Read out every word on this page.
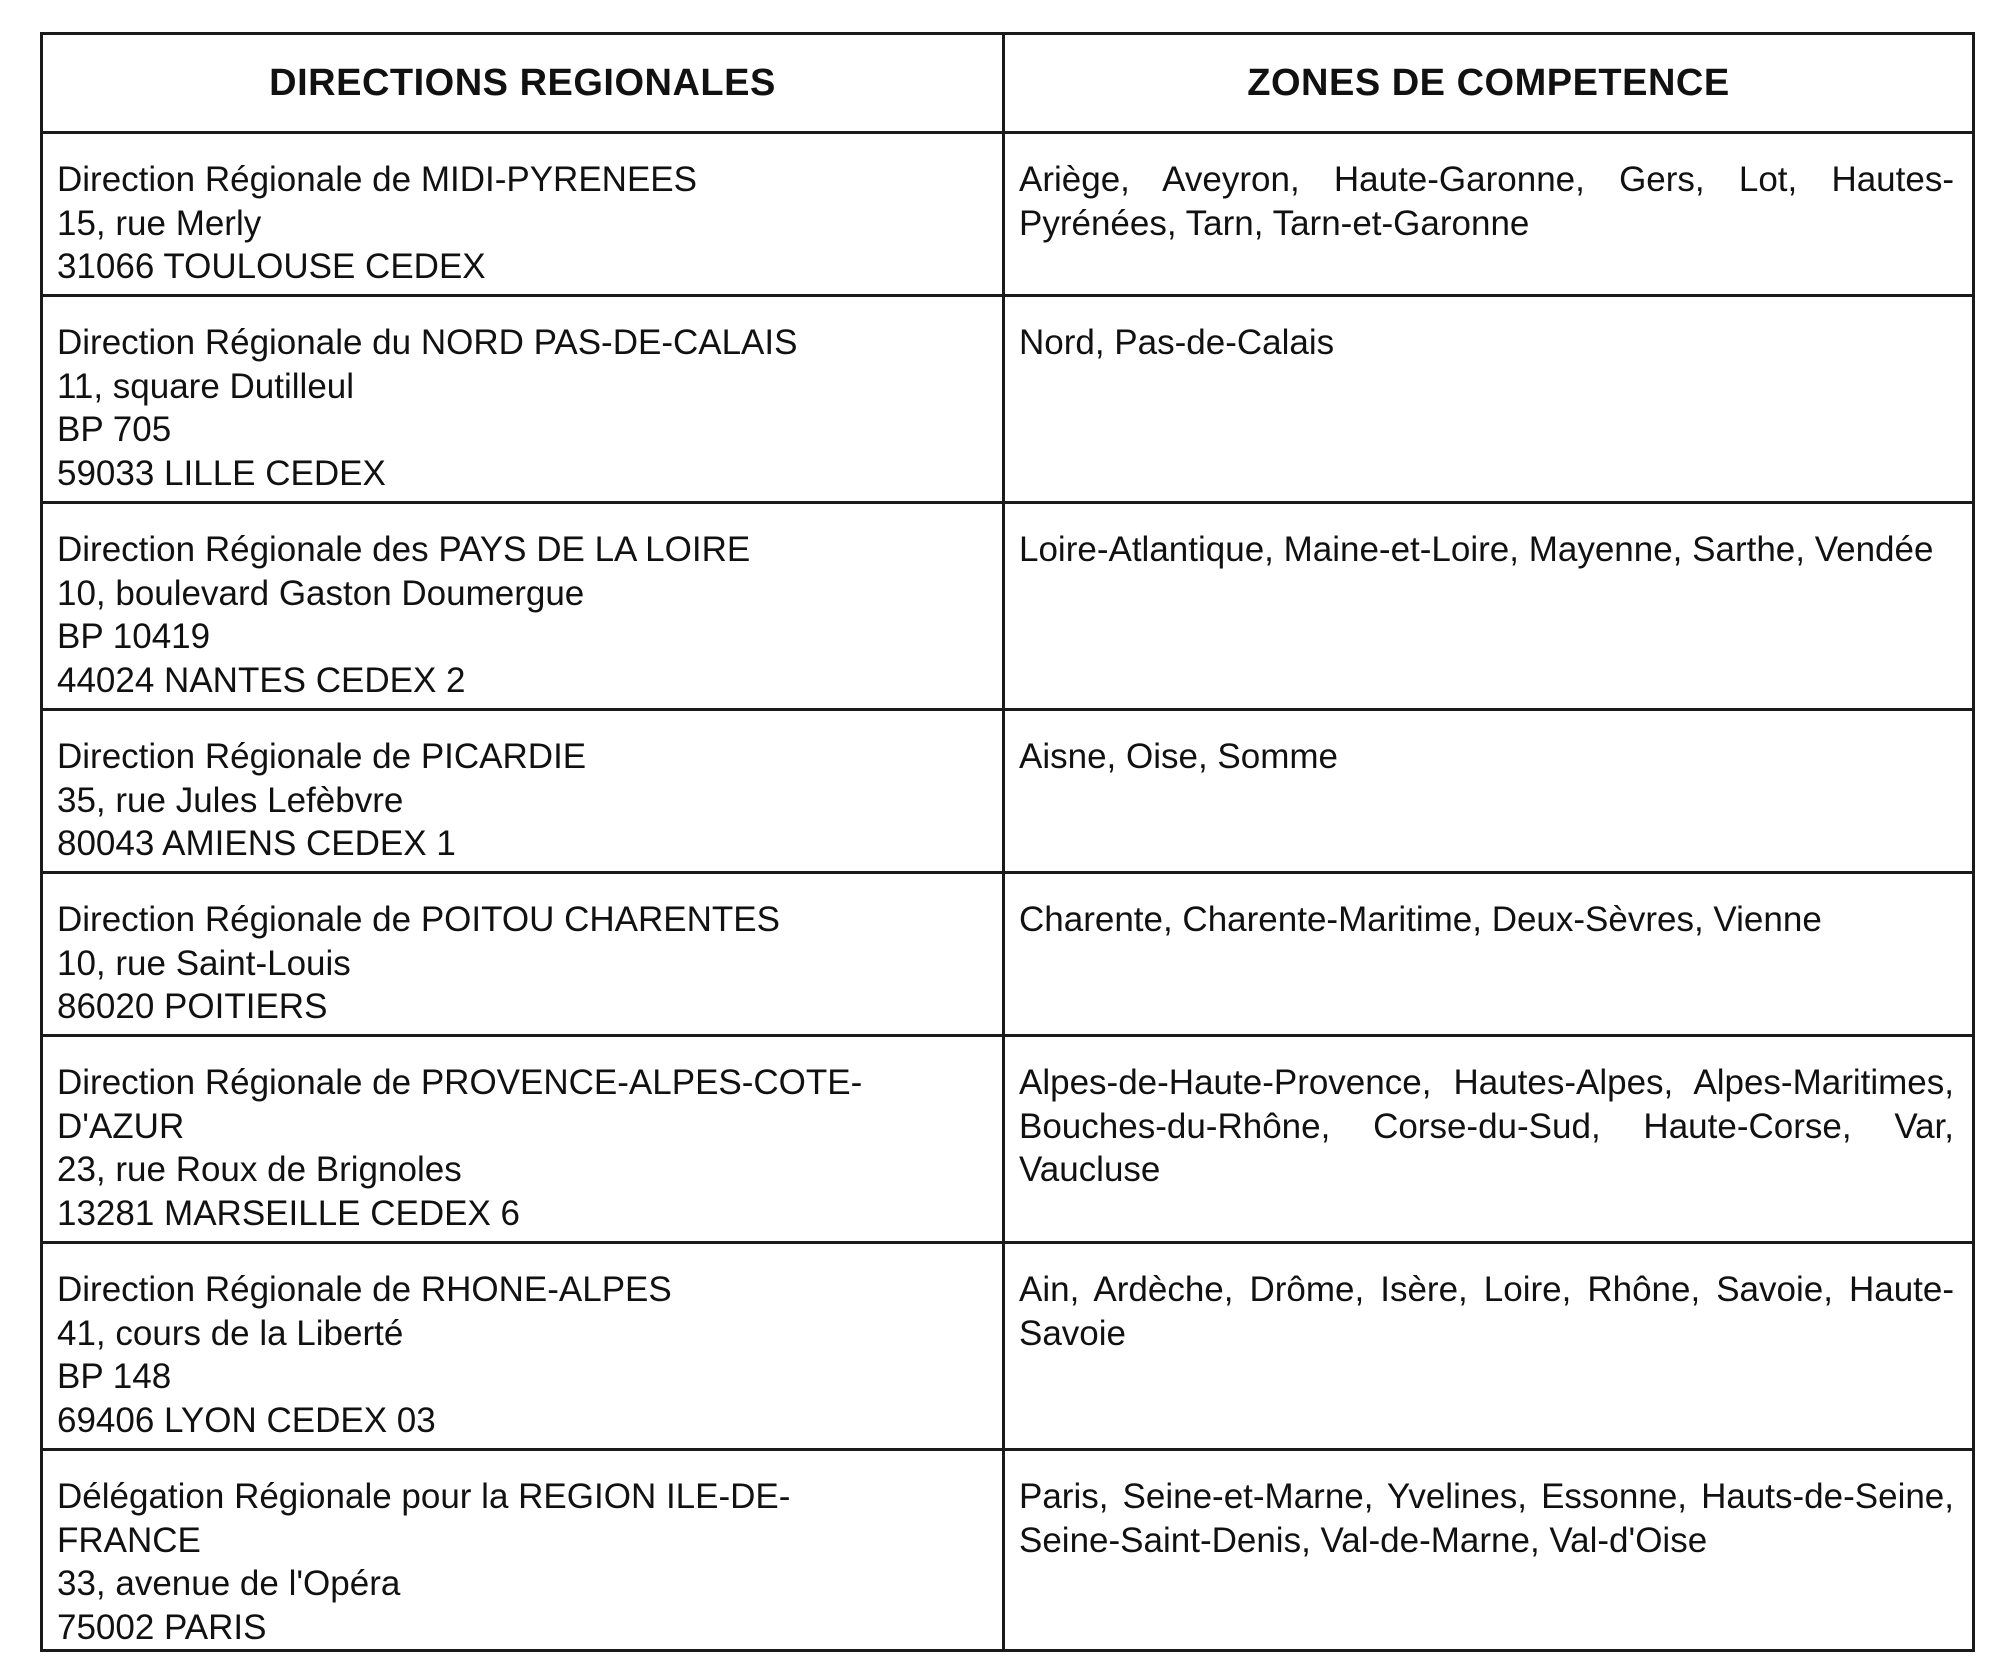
DIRECTIONS REGIONALES	ZONES DE COMPETENCE

Direction Régionale de MIDI-PYRENEES
15, rue Merly
31066 TOULOUSE CEDEX	Ariège, Aveyron, Haute-Garonne, Gers, Lot, Hautes-Pyrénées, Tarn, Tarn-et-Garonne

Direction Régionale du NORD PAS-DE-CALAIS
11, square Dutilleul
BP 705
59033 LILLE CEDEX	Nord, Pas-de-Calais

Direction Régionale des PAYS DE LA LOIRE
10, boulevard Gaston Doumergue
BP 10419
44024 NANTES CEDEX 2	Loire-Atlantique, Maine-et-Loire, Mayenne, Sarthe, Vendée

Direction Régionale de PICARDIE
35, rue Jules Lefèbvre
80043 AMIENS CEDEX 1	Aisne, Oise, Somme

Direction Régionale de POITOU CHARENTES
10, rue Saint-Louis
86020 POITIERS	Charente, Charente-Maritime, Deux-Sèvres, Vienne

Direction Régionale de PROVENCE-ALPES-COTE-
D'AZUR
23, rue Roux de Brignoles
13281 MARSEILLE CEDEX 6	Alpes-de-Haute-Provence, Hautes-Alpes, Alpes-Maritimes, Bouches-du-Rhône, Corse-du-Sud, Haute-Corse, Var, Vaucluse

Direction Régionale de RHONE-ALPES
41, cours de la Liberté
BP 148
69406 LYON CEDEX 03	Ain, Ardèche, Drôme, Isère, Loire, Rhône, Savoie, Haute-Savoie

Délégation Régionale pour la REGION ILE-DE-
FRANCE
33, avenue de l'Opéra
75002 PARIS	Paris, Seine-et-Marne, Yvelines, Essonne, Hauts-de-Seine, Seine-Saint-Denis, Val-de-Marne, Val-d'Oise
